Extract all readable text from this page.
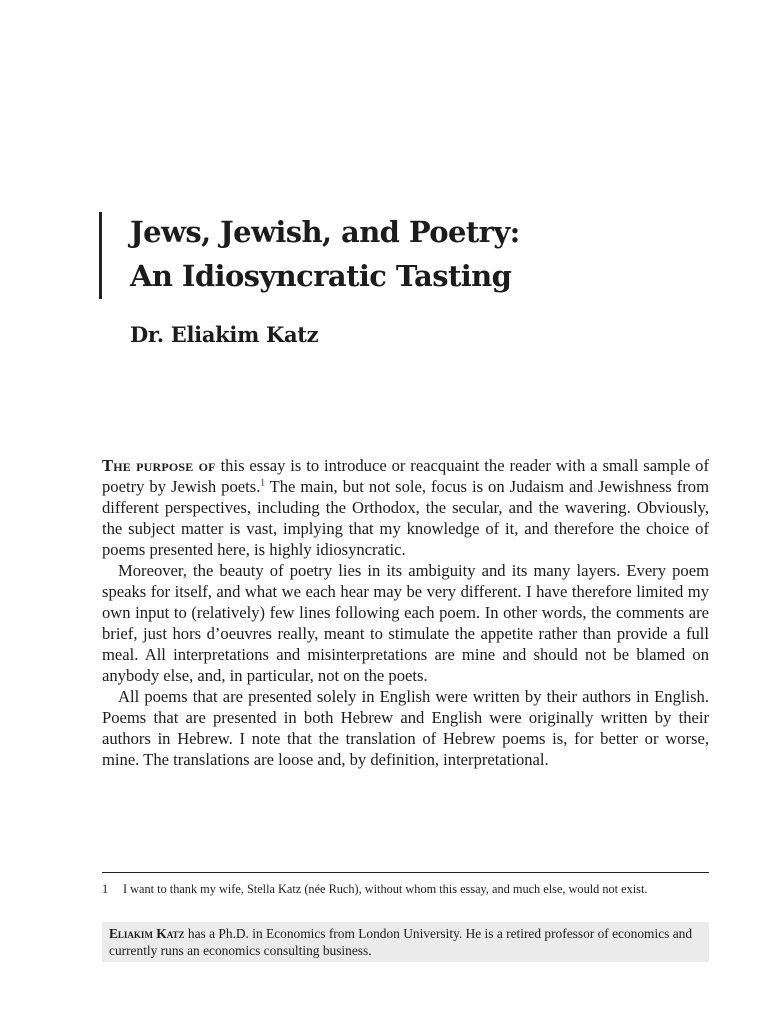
Jews, Jewish, and Poetry:
An Idiosyncratic Tasting
Dr. Eliakim Katz

The purpose of this essay is to introduce or reacquaint the reader with a small sample of poetry by Jewish poets.$^1$ The main, but not sole, focus is on Judaism and Jewishness from different perspectives, including the Orthodox, the secular, and the wavering. Obviously, the subject matter is vast, implying that my knowledge of it, and therefore the choice of poems presented here, is highly idiosyncratic.

Moreover, the beauty of poetry lies in its ambiguity and its many layers. Every poem speaks for itself, and what we each hear may be very different. I have therefore limited my own input to (relatively) few lines following each poem. In other words, the comments are brief, just hors d’oeuvres really, meant to stimulate the appetite rather than provide a full meal. All interpretations and misinterpretations are mine and should not be blamed on anybody else, and, in particular, not on the poets.

All poems that are presented solely in English were written by their authors in English. Poems that are presented in both Hebrew and English were originally written by their authors in Hebrew. I note that the translation of Hebrew poems is, for better or worse, mine. The translations are loose and, by definition, interpretational.

1 I want to thank my wife, Stella Katz (née Ruch), without whom this essay, and much else, would not exist.
Eliakim Katz has a Ph.D. in Economics from London University. He is a retired professor of economics and currently runs an economics consulting business.
